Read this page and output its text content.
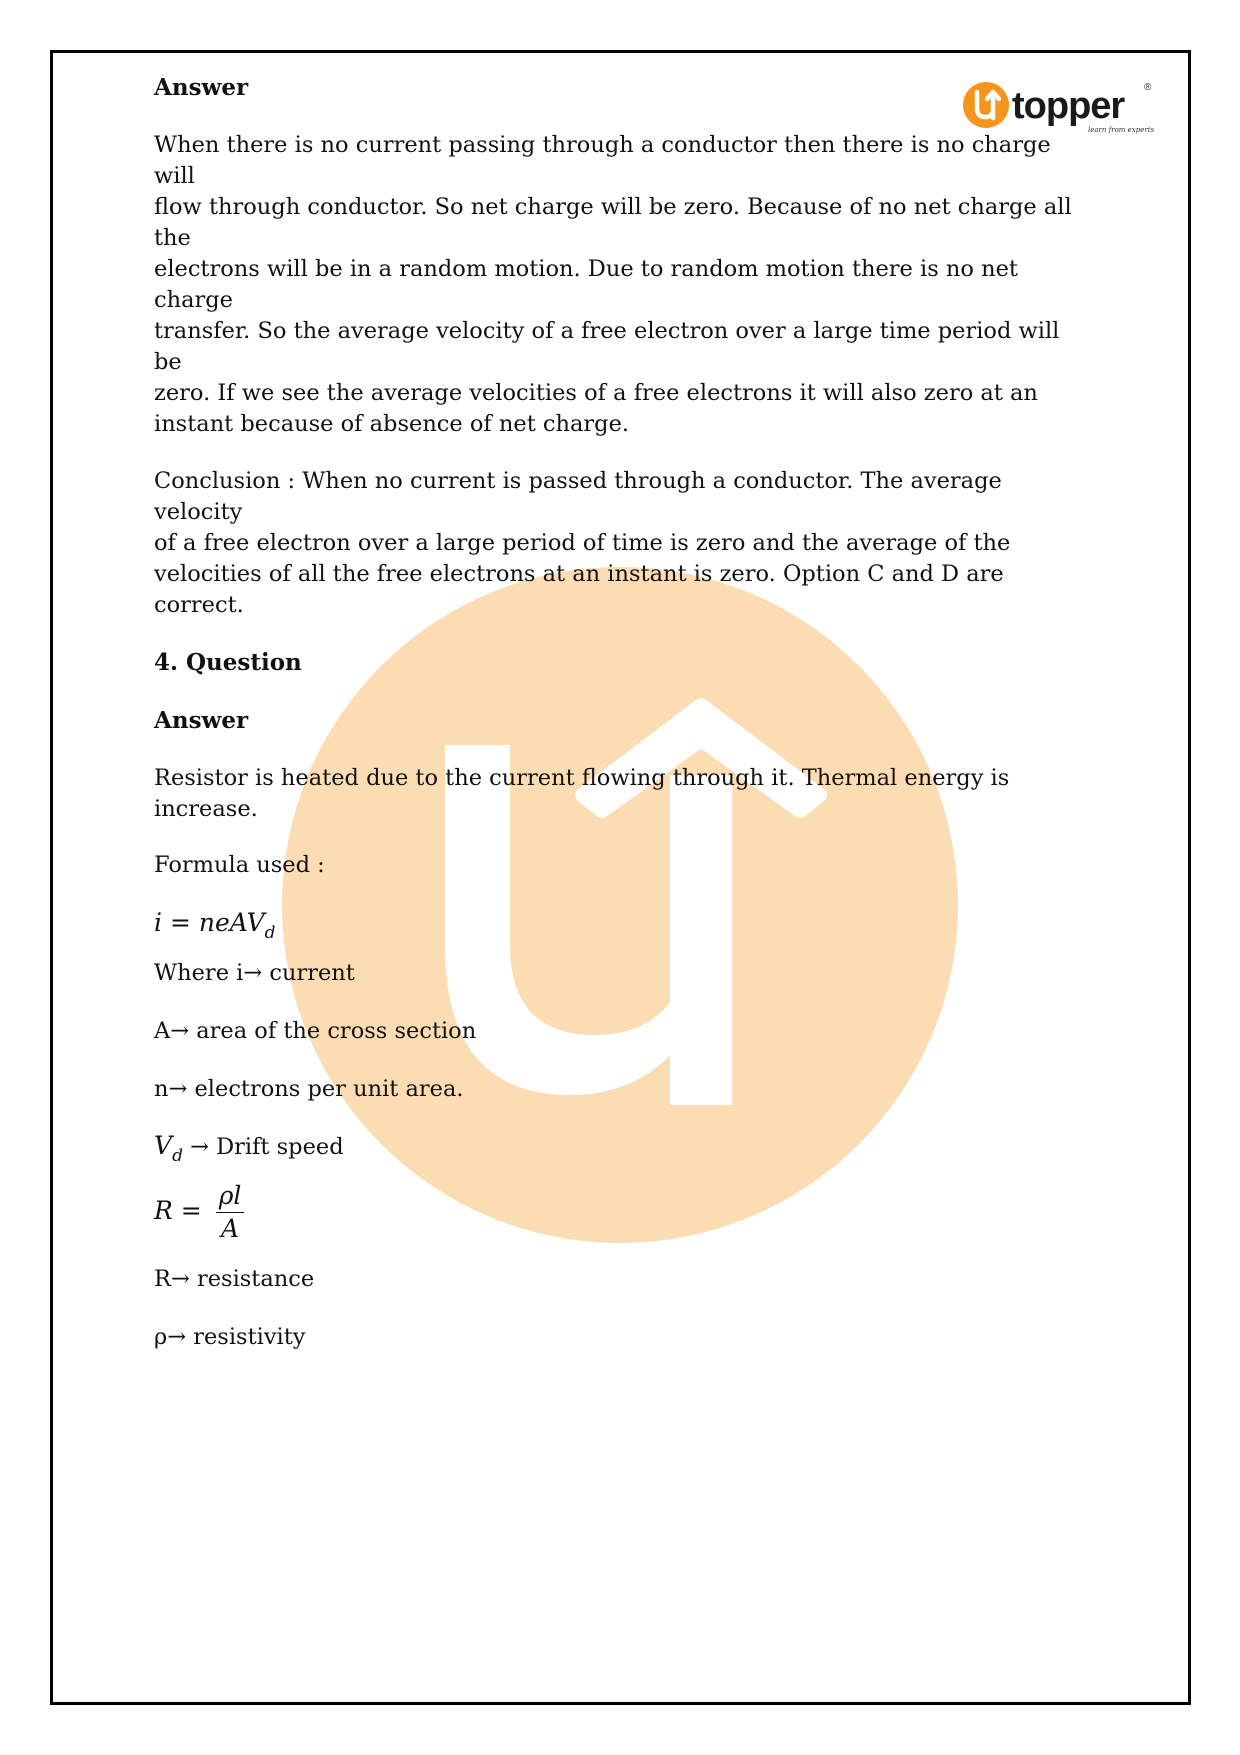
topper
learn from experts
®

Answer

When there is no current passing through a conductor then there is no charge will

flow through conductor. So net charge will be zero. Because of no net charge all the

electrons will be in a random motion. Due to random motion there is no net charge

transfer. So the average velocity of a free electron over a large time period will be

zero. If we see the average velocities of a free electrons it will also zero at an

instant because of absence of net charge.

Conclusion : When no current is passed through a conductor. The average velocity

of a free electron over a large period of time is zero and the average of the

velocities of all the free electrons at an instant is zero. Option C and D are correct.

4. Question

Answer

Resistor is heated due to the current flowing through it. Thermal energy is

increase.

Formula used :

i = neAV$_d$

Where i→ current

A→ area of the cross section

n→ electrons per unit area.

$V_d$ → Drift speed

$R = \frac{\rho l}{A}$

R→ resistance

ρ→ resistivity
